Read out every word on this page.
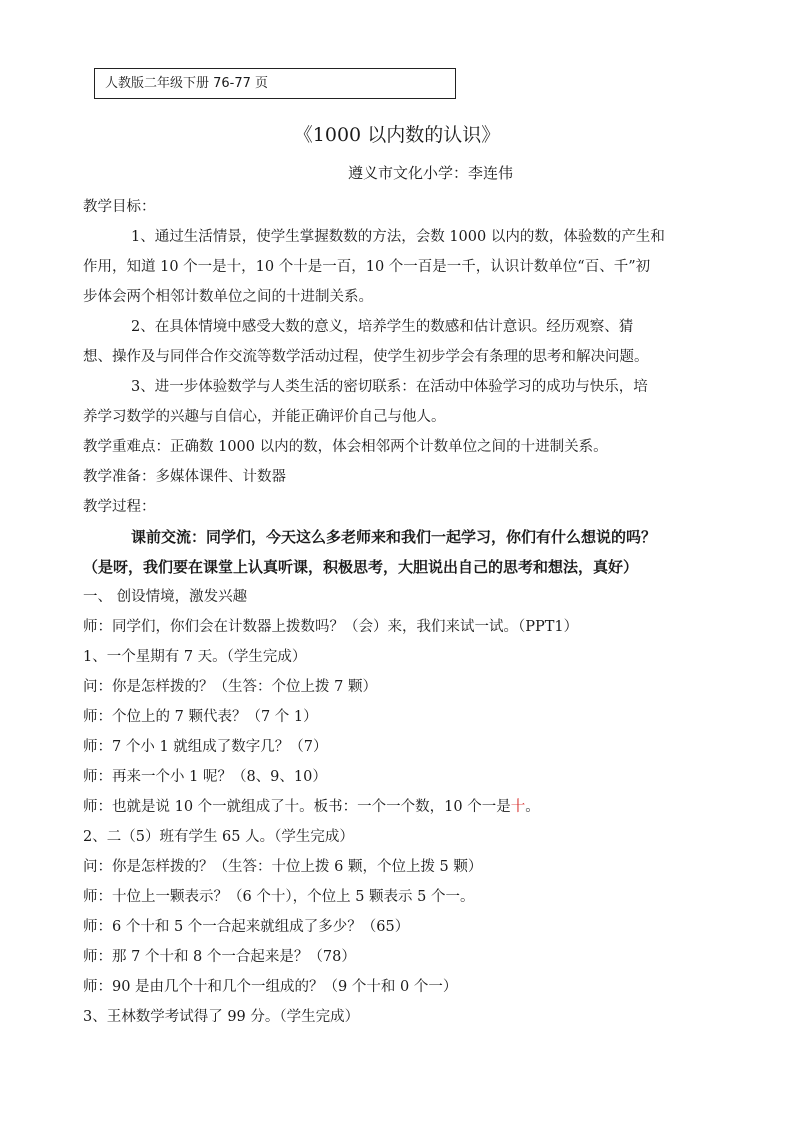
人教版二年级下册 76-77 页
《1000 以内数的认识》
遵义市文化小学：李连伟
教学目标：
1、通过生活情景，使学生掌握数数的方法，会数 1000 以内的数，体验数的产生和
作用，知道 10 个一是十，10 个十是一百，10 个一百是一千，认识计数单位“百、千”初
步体会两个相邻计数单位之间的十进制关系。
2、在具体情境中感受大数的意义，培养学生的数感和估计意识。经历观察、猜
想、操作及与同伴合作交流等数学活动过程，使学生初步学会有条理的思考和解决问题。
3、进一步体验数学与人类生活的密切联系：在活动中体验学习的成功与快乐，培
养学习数学的兴趣与自信心，并能正确评价自己与他人。
教学重难点：正确数 1000 以内的数，体会相邻两个计数单位之间的十进制关系。
教学准备：多媒体课件、计数器
教学过程：
课前交流：同学们，今天这么多老师来和我们一起学习，你们有什么想说的吗？
（是呀，我们要在课堂上认真听课，积极思考，大胆说出自己的思考和想法，真好）
一、 创设情境，激发兴趣
师：同学们，你们会在计数器上拨数吗？（会）来，我们来试一试。（PPT1）
1、一个星期有 7 天。（学生完成）
问：你是怎样拨的？（生答：个位上拨 7 颗）
师：个位上的 7 颗代表？（7 个 1）
师：7 个小 1 就组成了数字几？（7）
师：再来一个小 1 呢？（8、9、10）
师：也就是说 10 个一就组成了十。板书：一个一个数，10 个一是十。
2、二（5）班有学生 65 人。（学生完成）
问：你是怎样拨的？（生答：十位上拨 6 颗，个位上拨 5 颗）
师：十位上一颗表示？（6 个十），个位上 5 颗表示 5 个一。
师：6 个十和 5 个一合起来就组成了多少？（65）
师：那 7 个十和 8 个一合起来是？（78）
师：90 是由几个十和几个一组成的？（9 个十和 0 个一）
3、王林数学考试得了 99 分。（学生完成）
